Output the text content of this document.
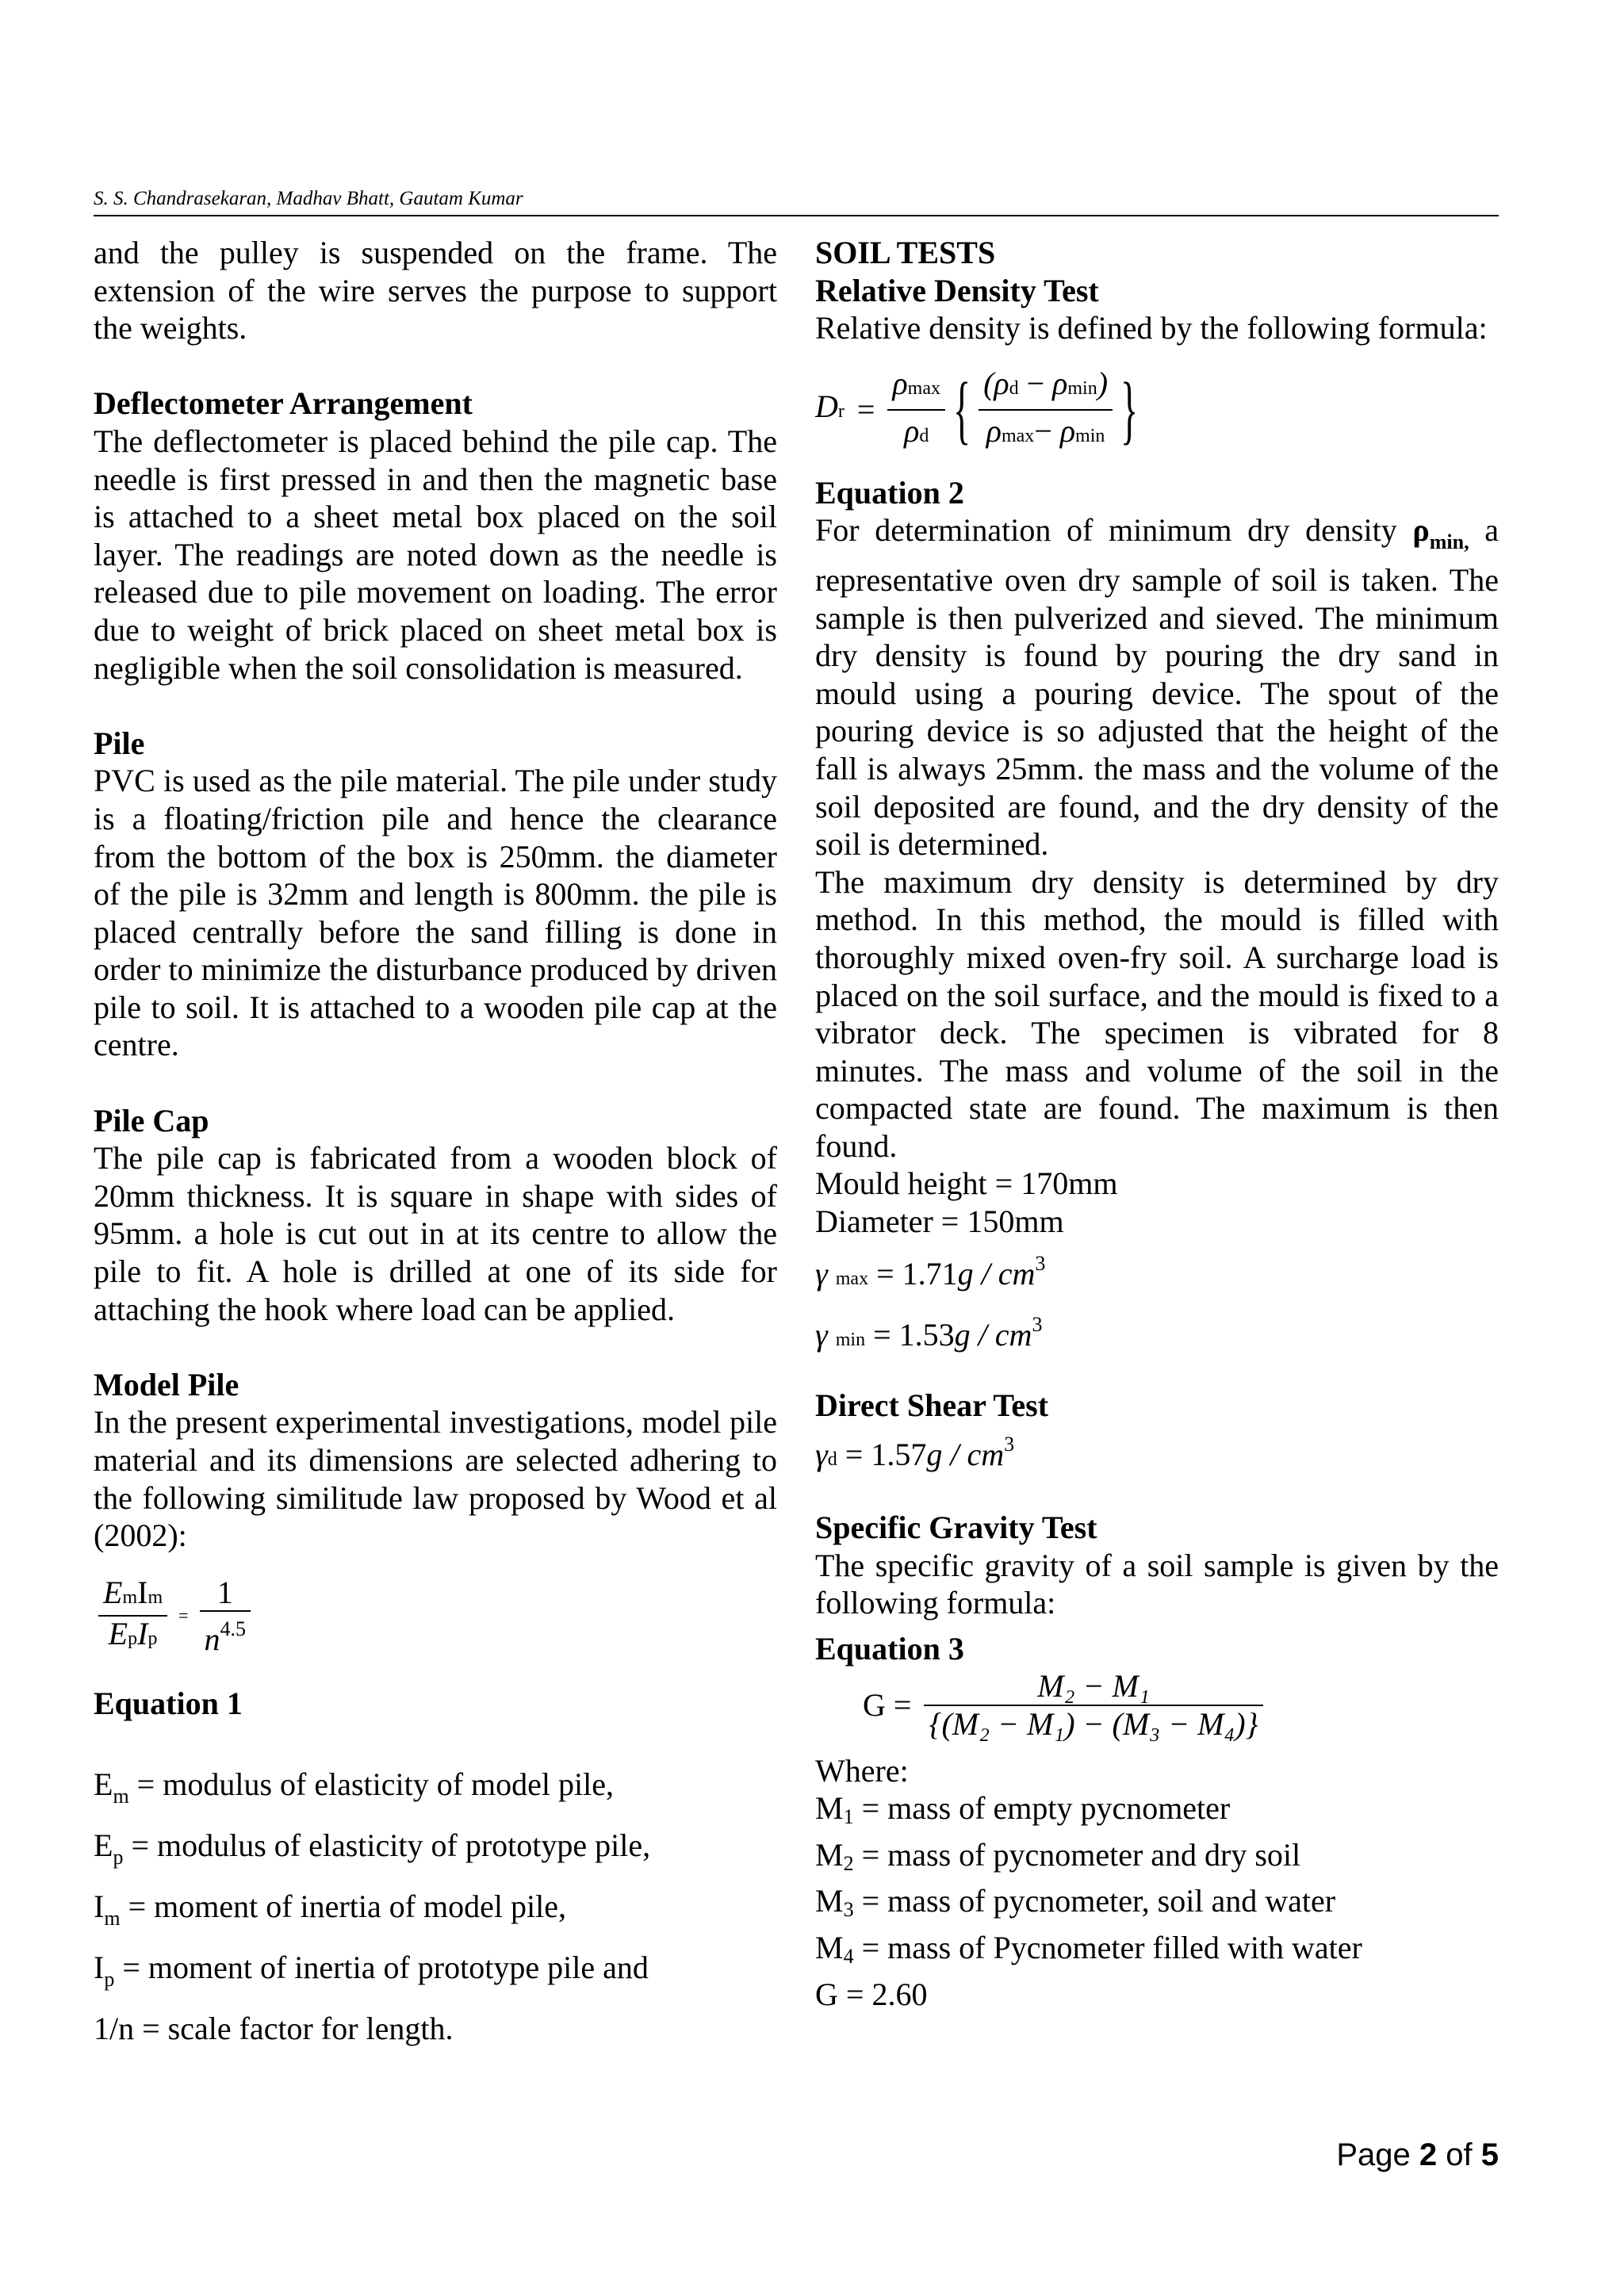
S. S. Chandrasekaran, Madhav Bhatt, Gautam Kumar

and the pulley is suspended on the frame. The extension of the wire serves the purpose to support the weights.

Deflectometer Arrangement

The deflectometer is placed behind the pile cap. The needle is first pressed in and then the magnetic base is attached to a sheet metal box placed on the soil layer. The readings are noted down as the needle is released due to pile movement on loading. The error due to weight of brick placed on sheet metal box is negligible when the soil consolidation is measured.

Pile

PVC is used as the pile material. The pile under study is a floating/friction pile and hence the clearance from the bottom of the box is 250mm. the diameter of the pile is 32mm and length is 800mm. the pile is placed centrally before the sand filling is done in order to minimize the disturbance produced by driven pile to soil. It is attached to a wooden pile cap at the centre.

Pile Cap

The pile cap is fabricated from a wooden block of 20mm thickness. It is square in shape with sides of 95mm. a hole is cut out in at its centre to allow the pile to fit. A hole is drilled at one of its side for attaching the hook where load can be applied.

Model Pile

In the present experimental investigations, model pile material and its dimensions are selected adhering to the following similitude law proposed by Wood et al (2002):

$\frac{\text{EmIm}}{\text{EpIp}} = \frac{1}{n^{4.5}}$

Equation 1

$E_m$ = modulus of elasticity of model pile,
$E_p$ = modulus of elasticity of prototype pile,
$I_m$ = moment of inertia of model pile,
$I_p$ = moment of inertia of prototype pile and
1/n = scale factor for length.

SOIL TESTS

Relative Density Test

Relative density is defined by the following formula:

$Dr = \frac{\rho\max}{\rho d}$ { $\frac{(\rho d - \rho\min)}{\rho\max- \rho\min}$ }

Equation 2

For determination of minimum dry density $\rho_{min,}$ a representative oven dry sample of soil is taken. The sample is then pulverized and sieved. The minimum dry density is found by pouring the dry sand in mould using a pouring device. The spout of the pouring device is so adjusted that the height of the fall is always 25mm. the mass and the volume of the soil deposited are found, and the dry density of the soil is determined.

The maximum dry density is determined by dry method. In this method, the mould is filled with thoroughly mixed oven-fry soil. A surcharge load is placed on the soil surface, and the mould is fixed to a vibrator deck. The specimen is vibrated for 8 minutes. The mass and volume of the soil in the compacted state are found. The maximum is then found.

Mould height = 170mm

Diameter = 150mm

γ $\max = 1.71g / cm^3$
γ $\min = 1.53g / cm^3$

Direct Shear Test

$\gamma d = 1.57g / cm^3$

Specific Gravity Test

The specific gravity of a soil sample is given by the following formula:

Equation 3

$G = \frac{\text{M₂ − M₁}}{\text{\{(M₂ − M₁) − (M₃ − M₄)\}}}$

Where:

$M_1$ = mass of empty pycnometer
$M_2$ = mass of pycnometer and dry soil
$M_3$ = mass of pycnometer, soil and water
$M_4$ = mass of Pycnometer filled with water

G = 2.60

Page 2 of 5
